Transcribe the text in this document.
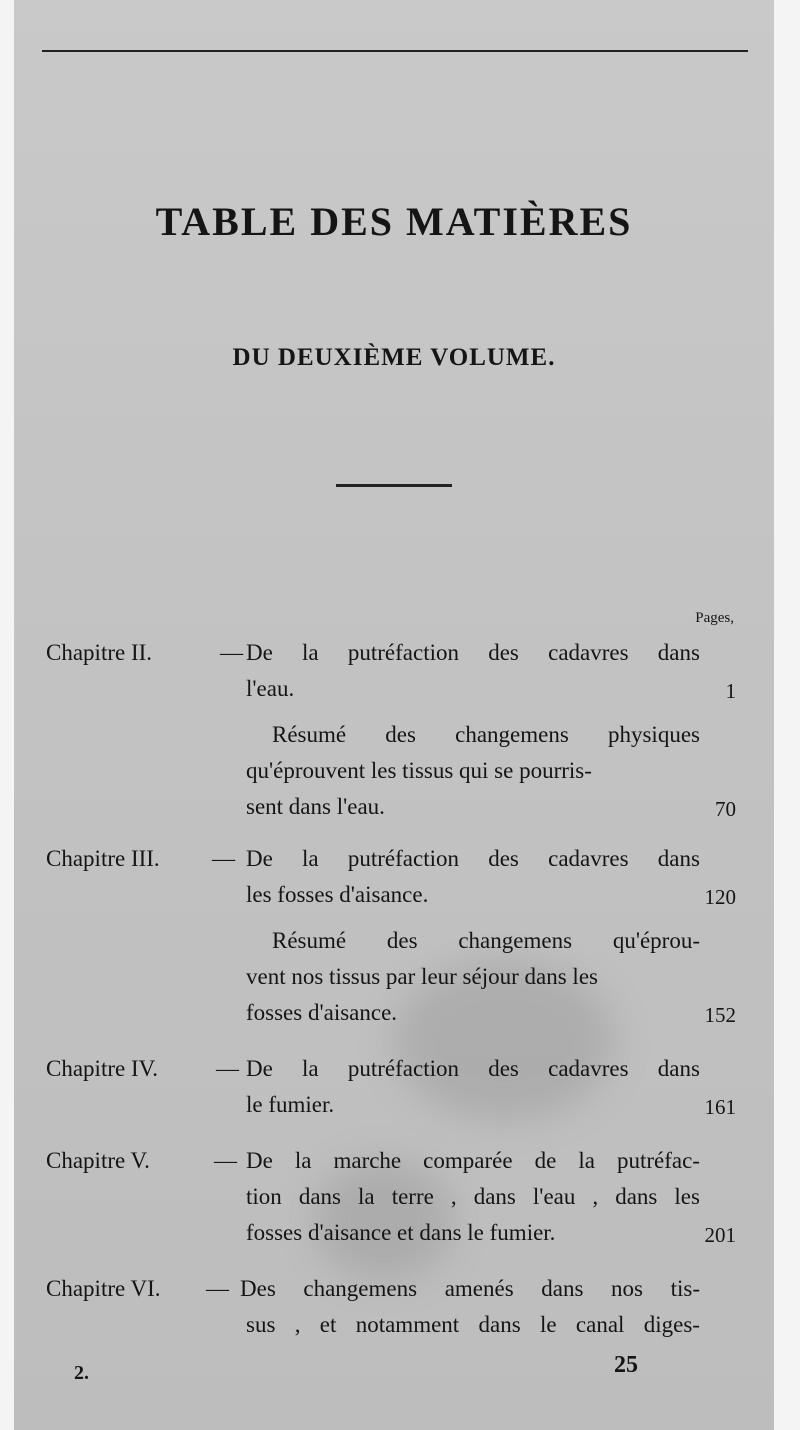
TABLE DES MATIÈRES
DU DEUXIÈME VOLUME.
Pages,
Chapitre II.	— De la putréfaction des cadavres dans
l'eau.	1
Résumé des changemens physiques
qu'éprouvent les tissus qui se pourris-
sent dans l'eau.	70
Chapitre III. — De la putréfaction des cadavres dans
les fosses d'aisance.	120
Résumé des changemens qu'éprou-
vent nos tissus par leur séjour dans les
fosses d'aisance.	152
Chapitre IV.	— De la putréfaction des cadavres dans
le fumier.	161
Chapitre V.	— De la marche comparée de la putréfac-
tion dans la terre , dans l'eau , dans les
fosses d'aisance et dans le fumier.	201
Chapitre VI. — Des changemens amenés dans nos tis-
sus , et notamment dans le canal diges-
2.	25
